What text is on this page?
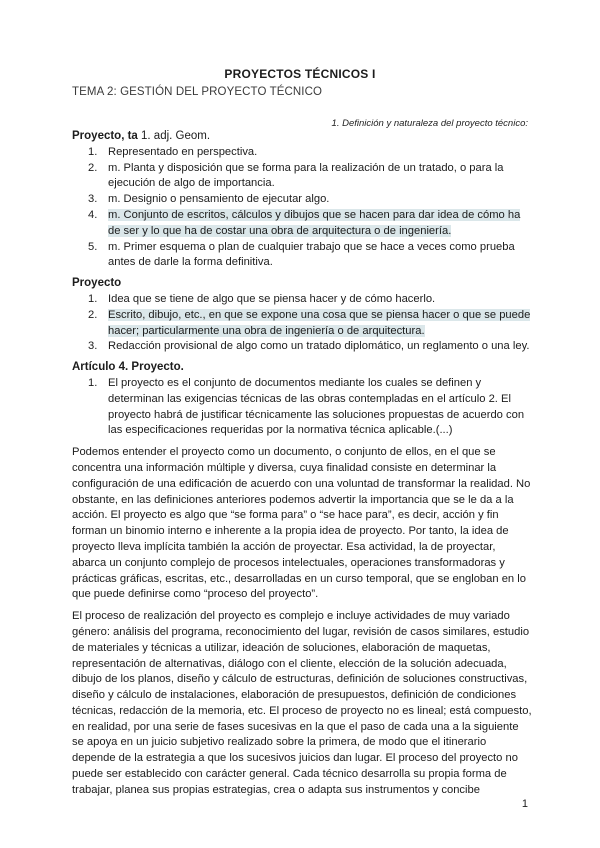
PROYECTOS TÉCNICOS I
TEMA 2: GESTIÓN DEL PROYECTO TÉCNICO

1. Definición y naturaleza del proyecto técnico:

Proyecto, ta 1. adj. Geom.

1. Representado en perspectiva.
2. m. Planta y disposición que se forma para la realización de un tratado, o para la ejecución de algo de importancia.
3. m. Designio o pensamiento de ejecutar algo.
4. m. Conjunto de escritos, cálculos y dibujos que se hacen para dar idea de cómo ha de ser y lo que ha de costar una obra de arquitectura o de ingeniería.
5. m. Primer esquema o plan de cualquier trabajo que se hace a veces como prueba antes de darle la forma definitiva.

Proyecto

1. Idea que se tiene de algo que se piensa hacer y de cómo hacerlo.
2. Escrito, dibujo, etc., en que se expone una cosa que se piensa hacer o que se puede hacer; particularmente una obra de ingeniería o de arquitectura.
3. Redacción provisional de algo como un tratado diplomático, un reglamento o una ley.

Artículo 4. Proyecto.

1. El proyecto es el conjunto de documentos mediante los cuales se definen y determinan las exigencias técnicas de las obras contempladas en el artículo 2. El proyecto habrá de justificar técnicamente las soluciones propuestas de acuerdo con las especificaciones requeridas por la normativa técnica aplicable.(...)

Podemos entender el proyecto como un documento, o conjunto de ellos, en el que se concentra una información múltiple y diversa, cuya finalidad consiste en determinar la configuración de una edificación de acuerdo con una voluntad de transformar la realidad. No obstante, en las definiciones anteriores podemos advertir la importancia que se le da a la acción. El proyecto es algo que “se forma para” o “se hace para”, es decir, acción y fin forman un binomio interno e inherente a la propia idea de proyecto. Por tanto, la idea de proyecto lleva implícita también la acción de proyectar. Esa actividad, la de proyectar, abarca un conjunto complejo de procesos intelectuales, operaciones transformadoras y prácticas gráficas, escritas, etc., desarrolladas en un curso temporal, que se engloban en lo que puede definirse como “proceso del proyecto”.

El proceso de realización del proyecto es complejo e incluye actividades de muy variado género: análisis del programa, reconocimiento del lugar, revisión de casos similares, estudio de materiales y técnicas a utilizar, ideación de soluciones, elaboración de maquetas, representación de alternativas, diálogo con el cliente, elección de la solución adecuada, dibujo de los planos, diseño y cálculo de estructuras, definición de soluciones constructivas, diseño y cálculo de instalaciones, elaboración de presupuestos, definición de condiciones técnicas, redacción de la memoria, etc. El proceso de proyecto no es lineal; está compuesto, en realidad, por una serie de fases sucesivas en la que el paso de cada una a la siguiente se apoya en un juicio subjetivo realizado sobre la primera, de modo que el itinerario depende de la estrategia a que los sucesivos juicios dan lugar. El proceso del proyecto no puede ser establecido con carácter general. Cada técnico desarrolla su propia forma de trabajar, planea sus propias estrategias, crea o adapta sus instrumentos y concibe

1
